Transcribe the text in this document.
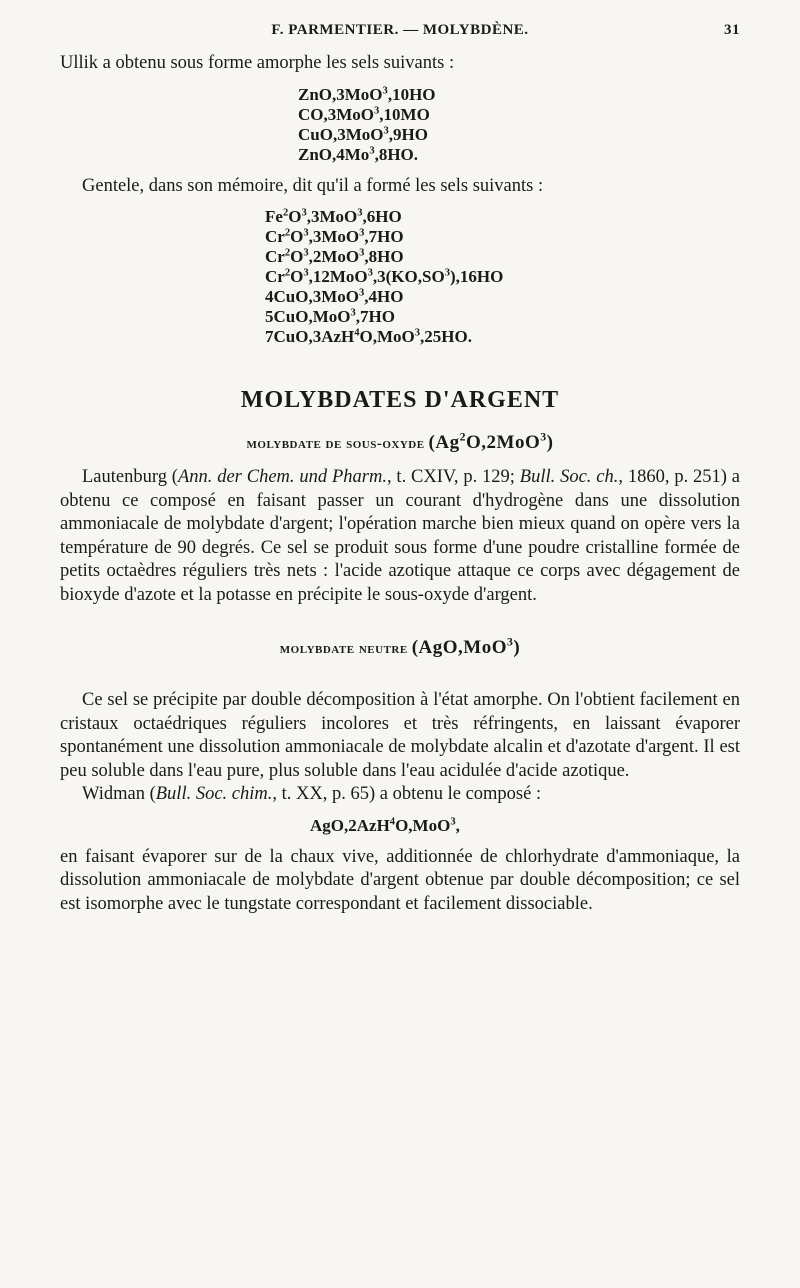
F. PARMENTIER. — MOLYBDÈNE.	31

Ullik a obtenu sous forme amorphe les sels suivants :

ZnO,3MoO$^3$,10HO
CO,3MoO$^3$,10MO
CuO,3MoO$^3$,9HO
ZnO,4Mo$^3$,8HO.

Gentele, dans son mémoire, dit qu'il a formé les sels suivants :

$Fe^2O^3,3MoO^3,6HO$
$Cr^2O^3,3MoO^3,7HO$
$Cr^2O^3,2MoO^3,8HO$
$Cr^2O^3,12MoO^3,3(KO,SO^3),16HO$
4CuO,3MoO$^3$,4HO
5CuO,MoO$^3$,7HO
7CuO,3AzH$^4$O,MoO$^3$,25HO.
MOLYBDATES D'ARGENT
molybdate de sous-oxyde (Ag$^2$O,2MoO$^3$)

Lautenburg (Ann. der Chem. und Pharm., t. CXIV, p. 129; Bull. Soc. ch., 1860, p. 251) a obtenu ce composé en faisant passer un courant d'hydrogène dans une dissolution ammoniacale de molybdate d'argent; l'opération marche bien mieux quand on opère vers la température de 90 degrés. Ce sel se produit sous forme d'une poudre cristalline formée de petits octaèdres réguliers très nets : l'acide azotique attaque ce corps avec dégagement de bioxyde d'azote et la potasse en précipite le sous-oxyde d'argent.

molybdate neutre (AgO,MoO$^3$)

Ce sel se précipite par double décomposition à l'état amorphe. On l'obtient facilement en cristaux octaédriques réguliers incolores et très réfringents, en laissant évaporer spontanément une dissolution ammoniacale de molybdate alcalin et d'azotate d'argent. Il est peu soluble dans l'eau pure, plus soluble dans l'eau acidulée d'acide azotique.

Widman (Bull. Soc. chim., t. XX, p. 65) a obtenu le composé :

AgO,2AzH$^4$O,MoO$^3$,

en faisant évaporer sur de la chaux vive, additionnée de chlorhydrate d'ammoniaque, la dissolution ammoniacale de molybdate d'argent obtenue par double décomposition; ce sel est isomorphe avec le tungstate correspondant et facilement dissociable.
